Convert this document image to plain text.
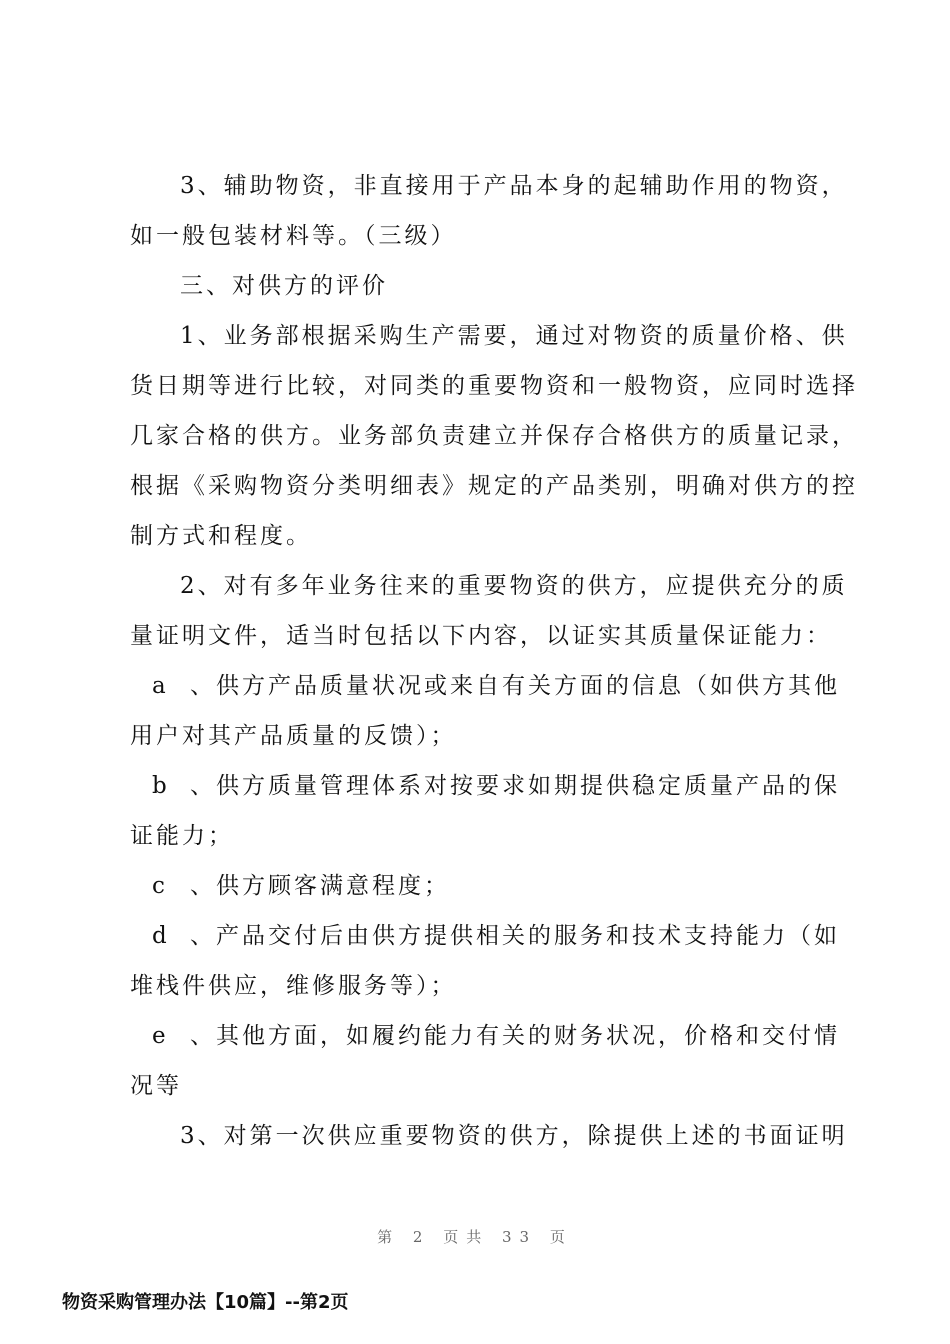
3、辅助物资，非直接用于产品本身的起辅助作用的物资，
如一般包装材料等。（三级）
三、对供方的评价
1、业务部根据采购生产需要，通过对物资的质量价格、供
货日期等进行比较，对同类的重要物资和一般物资，应同时选择
几家合格的供方。业务部负责建立并保存合格供方的质量记录，
根据《采购物资分类明细表》规定的产品类别，明确对供方的控
制方式和程度。
2、对有多年业务往来的重要物资的供方，应提供充分的质
量证明文件，适当时包括以下内容，以证实其质量保证能力：
a 、供方产品质量状况或来自有关方面的信息（如供方其他
用户对其产品质量的反馈）；
b 、供方质量管理体系对按要求如期提供稳定质量产品的保
证能力；
c 、供方顾客满意程度；
d 、产品交付后由供方提供相关的服务和技术支持能力（如
堆栈件供应，维修服务等）；
e 、其他方面，如履约能力有关的财务状况，价格和交付情
况等
3、对第一次供应重要物资的供方，除提供上述的书面证明
第 2 页共 33 页
物资采购管理办法【10篇】--第2页
